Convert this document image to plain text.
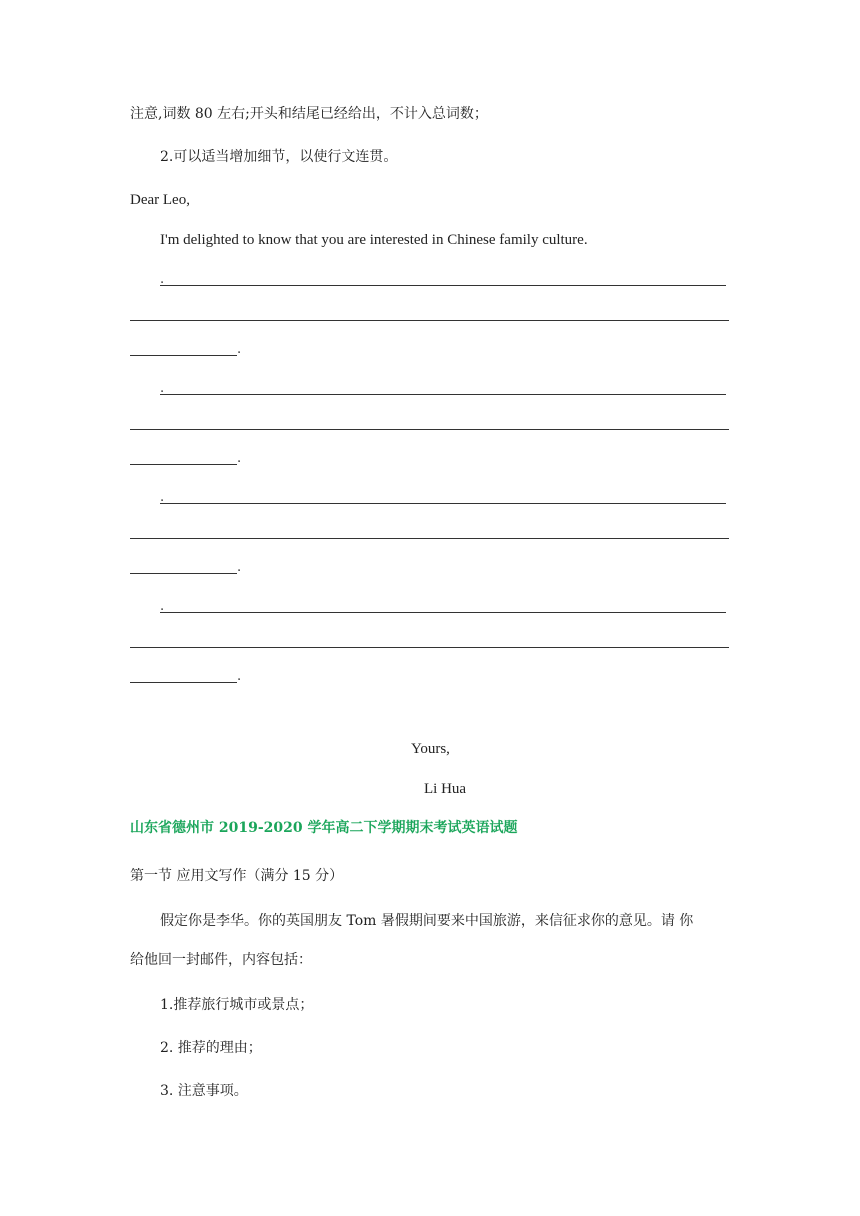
注意,词数 80 左右;开头和结尾已经给出，不计入总词数；
2.可以适当增加细节，以使行文连贯。
Dear Leo,
I'm delighted to know that you are interested in Chinese family culture.
.
.
.
.
.
.
.
.
Yours,
Li Hua
山东省德州市 2019-2020 学年高二下学期期末考试英语试题
第一节 应用文写作（满分 15 分）
假定你是李华。你的英国朋友 Tom 暑假期间要来中国旅游，来信征求你的意见。请 你
给他回一封邮件，内容包括：
1.推荐旅行城市或景点；
2. 推荐的理由；
3. 注意事项。
